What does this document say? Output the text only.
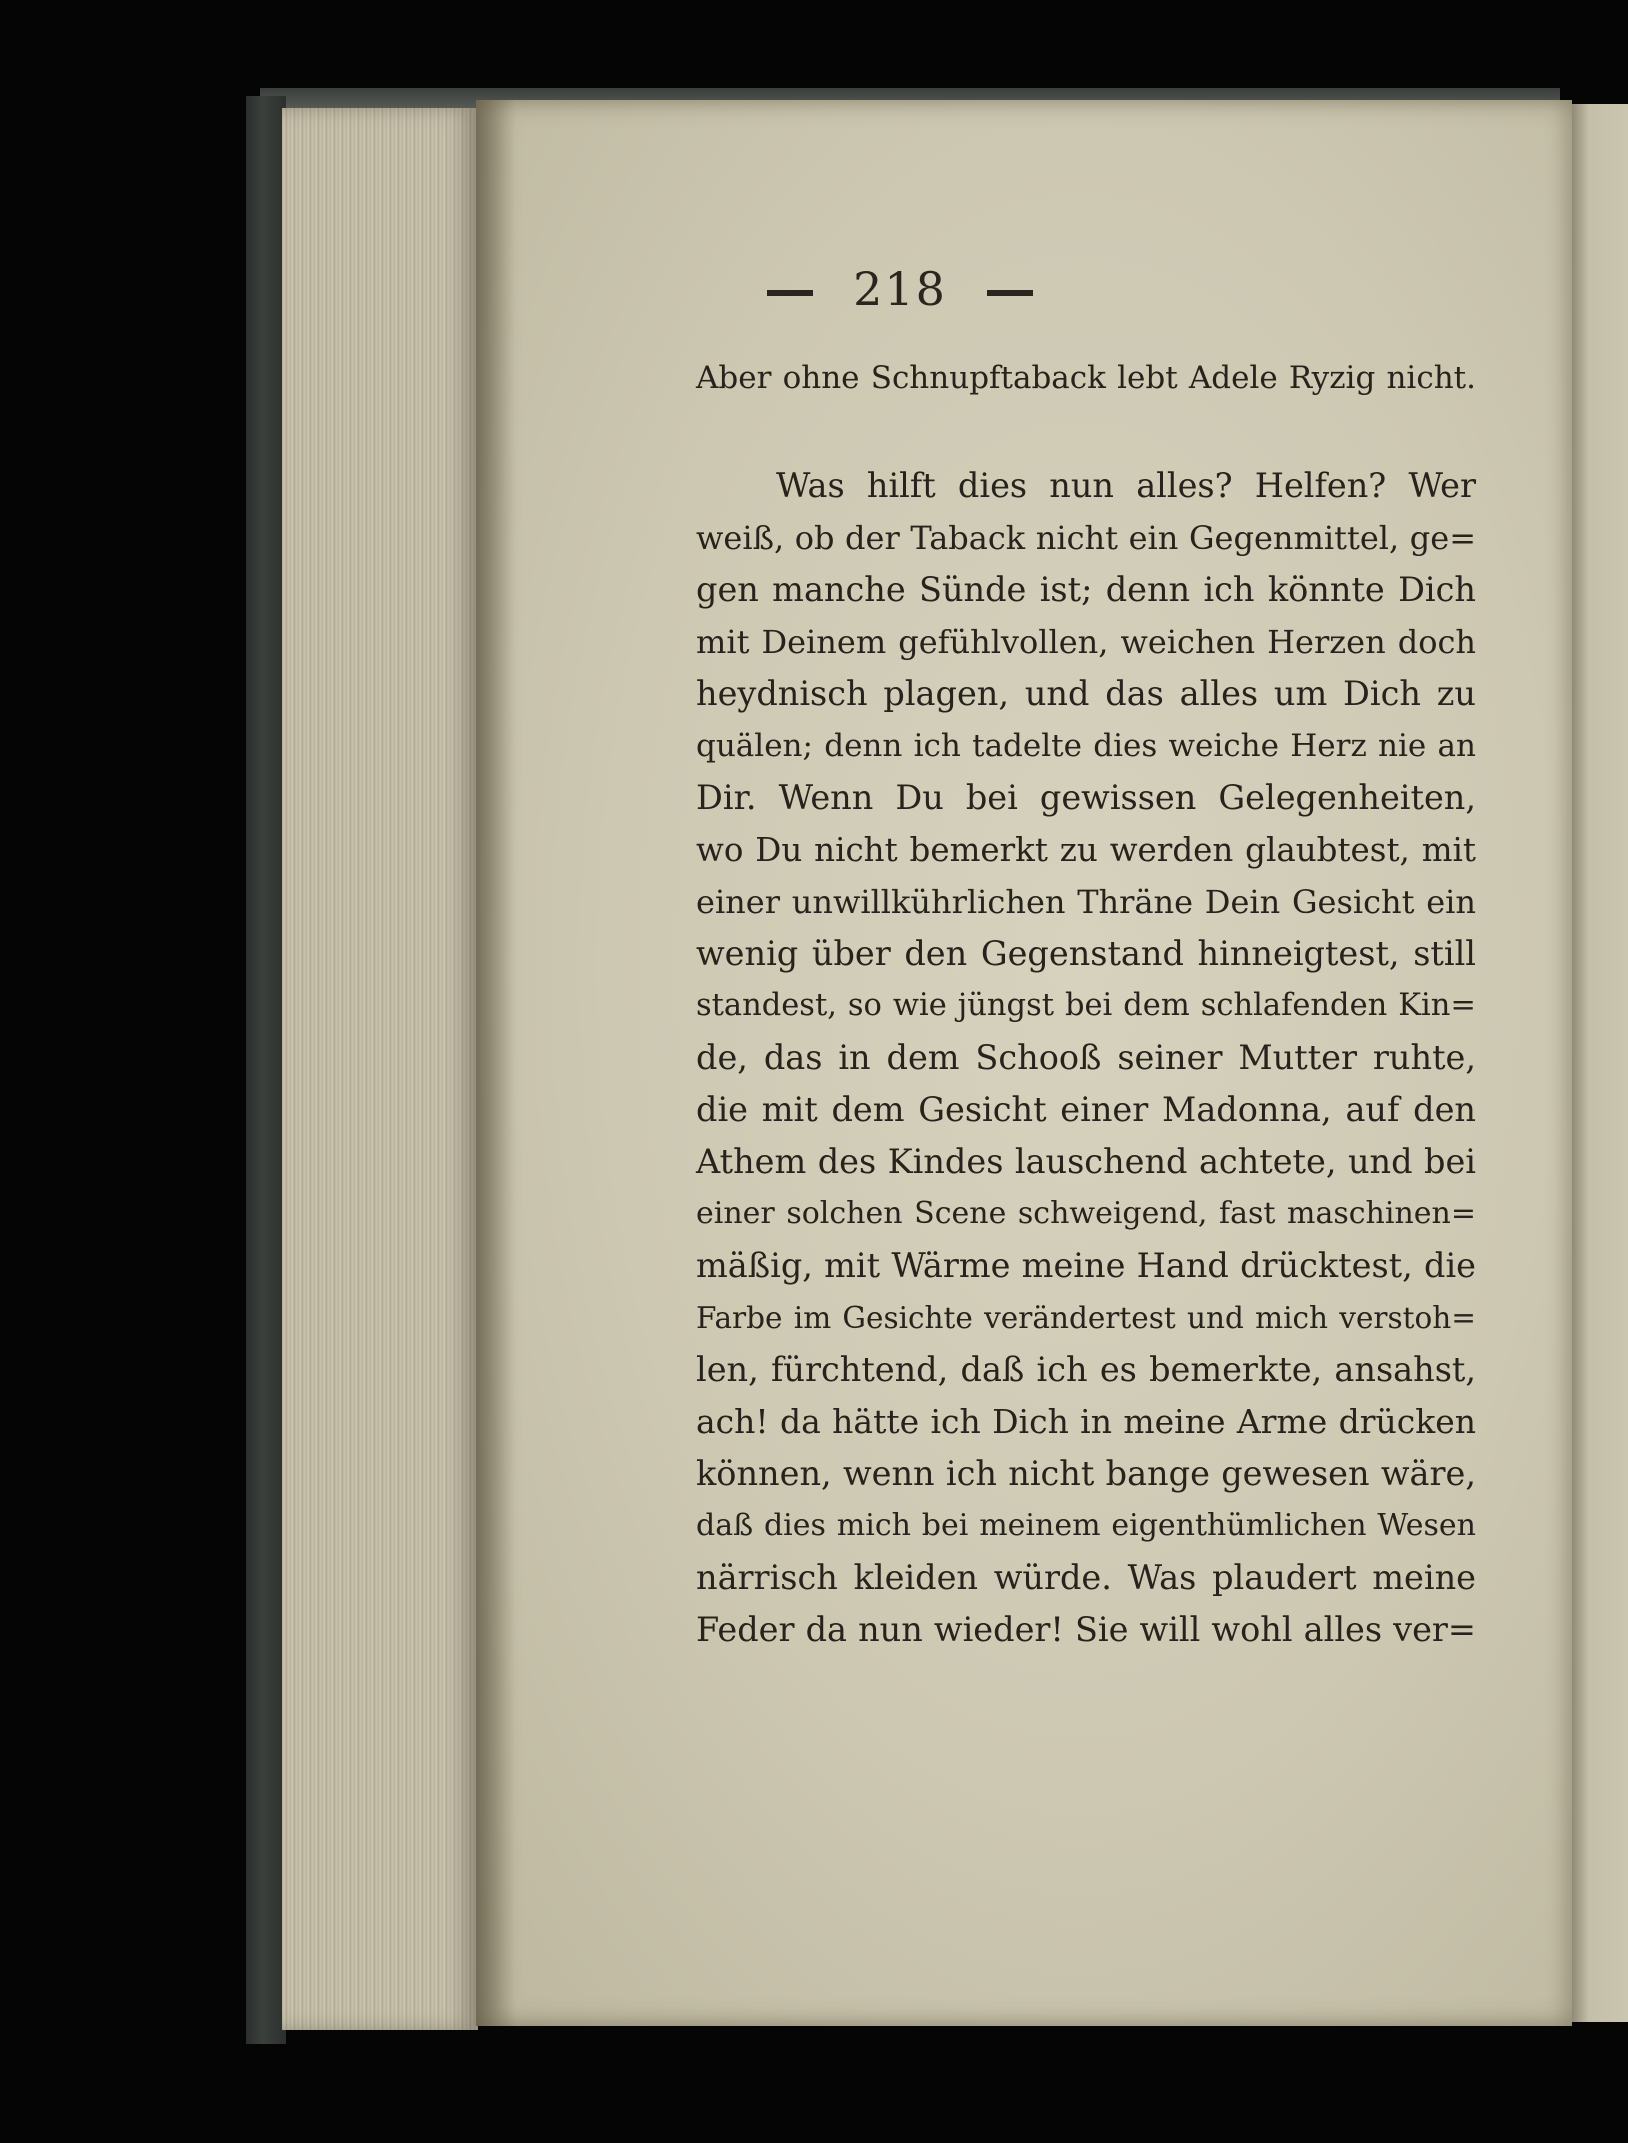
218
Aber ohne Schnupftaback lebt Adele Ryzig nicht.
Was hilft dies nun alles? Helfen? Wer
weiß, ob der Taback nicht ein Gegenmittel, ge=
gen manche Sünde ist; denn ich könnte Dich
mit Deinem gefühlvollen, weichen Herzen doch
heydnisch plagen, und das alles um Dich zu
quälen; denn ich tadelte dies weiche Herz nie an
Dir. Wenn Du bei gewissen Gelegenheiten,
wo Du nicht bemerkt zu werden glaubtest, mit
einer unwillkührlichen Thräne Dein Gesicht ein
wenig über den Gegenstand hinneigtest, still
standest, so wie jüngst bei dem schlafenden Kin=
de, das in dem Schooß seiner Mutter ruhte,
die mit dem Gesicht einer Madonna, auf den
Athem des Kindes lauschend achtete, und bei
einer solchen Scene schweigend, fast maschinen=
mäßig, mit Wärme meine Hand drücktest, die
Farbe im Gesichte verändertest und mich verstoh=
len, fürchtend, daß ich es bemerkte, ansahst,
ach! da hätte ich Dich in meine Arme drücken
können, wenn ich nicht bange gewesen wäre,
daß dies mich bei meinem eigenthümlichen Wesen
närrisch kleiden würde. Was plaudert meine
Feder da nun wieder! Sie will wohl alles ver=
